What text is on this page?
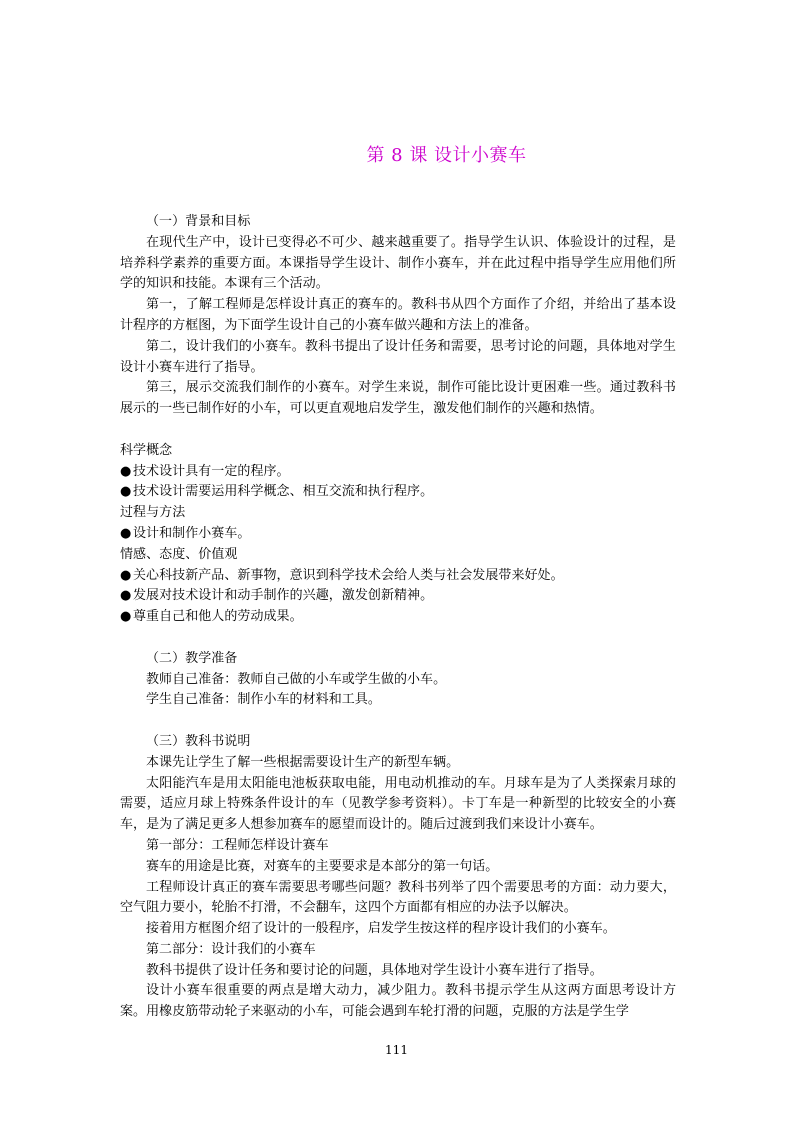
第 8 课 设计小赛车

（一）背景和目标

在现代生产中，设计已变得必不可少、越来越重要了。指导学生认识、体验设计的过程，是培养科学素养的重要方面。本课指导学生设计、制作小赛车，并在此过程中指导学生应用他们所学的知识和技能。本课有三个活动。

第一，了解工程师是怎样设计真正的赛车的。教科书从四个方面作了介绍，并给出了基本设计程序的方框图，为下面学生设计自己的小赛车做兴趣和方法上的准备。

第二，设计我们的小赛车。教科书提出了设计任务和需要，思考讨论的问题，具体地对学生设计小赛车进行了指导。

第三，展示交流我们制作的小赛车。对学生来说，制作可能比设计更困难一些。通过教科书展示的一些已制作好的小车，可以更直观地启发学生，激发他们制作的兴趣和热情。

科学概念

● 技术设计具有一定的程序。

● 技术设计需要运用科学概念、相互交流和执行程序。

过程与方法

● 设计和制作小赛车。

情感、态度、价值观

● 关心科技新产品、新事物，意识到科学技术会给人类与社会发展带来好处。

● 发展对技术设计和动手制作的兴趣，激发创新精神。

● 尊重自己和他人的劳动成果。

（二）教学准备

教师自己准备：教师自己做的小车或学生做的小车。

学生自己准备：制作小车的材料和工具。

（三）教科书说明

本课先让学生了解一些根据需要设计生产的新型车辆。

太阳能汽车是用太阳能电池板获取电能，用电动机推动的车。月球车是为了人类探索月球的需要，适应月球上特殊条件设计的车（见教学参考资料）。卡丁车是一种新型的比较安全的小赛车，是为了满足更多人想参加赛车的愿望而设计的。随后过渡到我们来设计小赛车。

第一部分：工程师怎样设计赛车

赛车的用途是比赛，对赛车的主要要求是本部分的第一句话。

工程师设计真正的赛车需要思考哪些问题？教科书列举了四个需要思考的方面：动力要大，空气阻力要小，轮胎不打滑，不会翻车，这四个方面都有相应的办法予以解决。

接着用方框图介绍了设计的一般程序，启发学生按这样的程序设计我们的小赛车。

第二部分：设计我们的小赛车

教科书提供了设计任务和要讨论的问题，具体地对学生设计小赛车进行了指导。

设计小赛车很重要的两点是增大动力，减少阻力。教科书提示学生从这两方面思考设计方案。用橡皮筋带动轮子来驱动的小车，可能会遇到车轮打滑的问题，克服的方法是学生学

111
